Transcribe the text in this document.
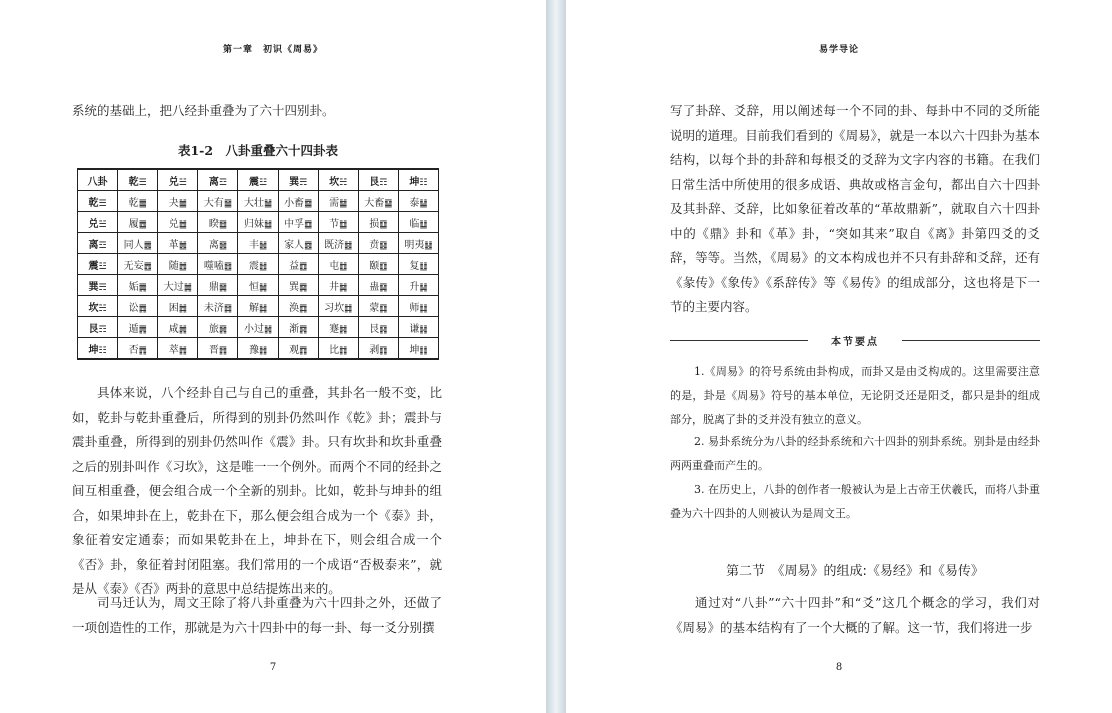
第一章　初识《周易》

系统的基础上，把八经卦重叠为了六十四别卦。

表1-2　八卦重叠六十四卦表
八卦	乾☰	兑☱	离☲	震☳	巽☴	坎☵	艮☶	坤☷
乾☰	乾䷀	夬䷪	大有䷍	大壮䷡	小畜䷈	需䷄	大畜䷙	泰䷊
兑☱	履䷉	兑䷹	睽䷥	归妹䷵	中孚䷼	节䷻	损䷨	临䷒
离☲	同人䷌	革䷰	离䷝	丰䷶	家人䷤	既济䷾	贲䷕	明夷䷣
震☳	无妄䷘	随䷐	噬嗑䷔	震䷲	益䷩	屯䷂	颐䷚	复䷗
巽☴	姤䷫	大过䷛	鼎䷱	恒䷟	巽䷸	井䷯	蛊䷑	升䷭
坎☵	讼䷅	困䷮	未济䷿	解䷧	涣䷺	习坎䷜	蒙䷃	师䷆
艮☶	遁䷠	咸䷞	旅䷷	小过䷽	渐䷴	蹇䷦	艮䷳	谦䷎
坤☷	否䷋	萃䷬	晋䷢	豫䷏	观䷓	比䷇	剥䷖	坤䷁

具体来说，八个经卦自己与自己的重叠，其卦名一般不变，比如，乾卦与乾卦重叠后，所得到的别卦仍然叫作《乾》卦；震卦与震卦重叠，所得到的别卦仍然叫作《震》卦。只有坎卦和坎卦重叠之后的别卦叫作《习坎》，这是唯一一个例外。而两个不同的经卦之间互相重叠，便会组合成一个全新的别卦。比如，乾卦与坤卦的组合，如果坤卦在上，乾卦在下，那么便会组合成为一个《泰》卦，象征着安定通泰；而如果乾卦在上，坤卦在下，则会组合成一个《否》卦，象征着封闭阻塞。我们常用的一个成语“否极泰来”，就是从《泰》《否》两卦的意思中总结提炼出来的。

司马迁认为，周文王除了将八卦重叠为六十四卦之外，还做了一项创造性的工作，那就是为六十四卦中的每一卦、每一爻分别撰

7
易学导论
8

写了卦辞、爻辞，用以阐述每一个不同的卦、每卦中不同的爻所能说明的道理。目前我们看到的《周易》，就是一本以六十四卦为基本结构，以每个卦的卦辞和每根爻的爻辞为文字内容的书籍。在我们日常生活中所使用的很多成语、典故或格言金句，都出自六十四卦及其卦辞、爻辞，比如象征着改革的“革故鼎新”，就取自六十四卦中的《鼎》卦和《革》卦，“突如其来”取自《离》卦第四爻的爻辞，等等。当然，《周易》的文本构成也并不只有卦辞和爻辞，还有《彖传》《象传》《系辞传》等《易传》的组成部分，这也将是下一节的主要内容。

本节要点

1.《周易》的符号系统由卦构成，而卦又是由爻构成的。这里需要注意的是，卦是《周易》符号的基本单位，无论阴爻还是阳爻，都只是卦的组成部分，脱离了卦的爻并没有独立的意义。

2. 易卦系统分为八卦的经卦系统和六十四卦的别卦系统。别卦是由经卦两两重叠而产生的。

3. 在历史上，八卦的创作者一般被认为是上古帝王伏羲氏，而将八卦重叠为六十四卦的人则被认为是周文王。

第二节　《周易》的组成:《易经》和《易传》

通过对“八卦”“六十四卦”和“爻”这几个概念的学习，我们对《周易》的基本结构有了一个大概的了解。这一节，我们将进一步
